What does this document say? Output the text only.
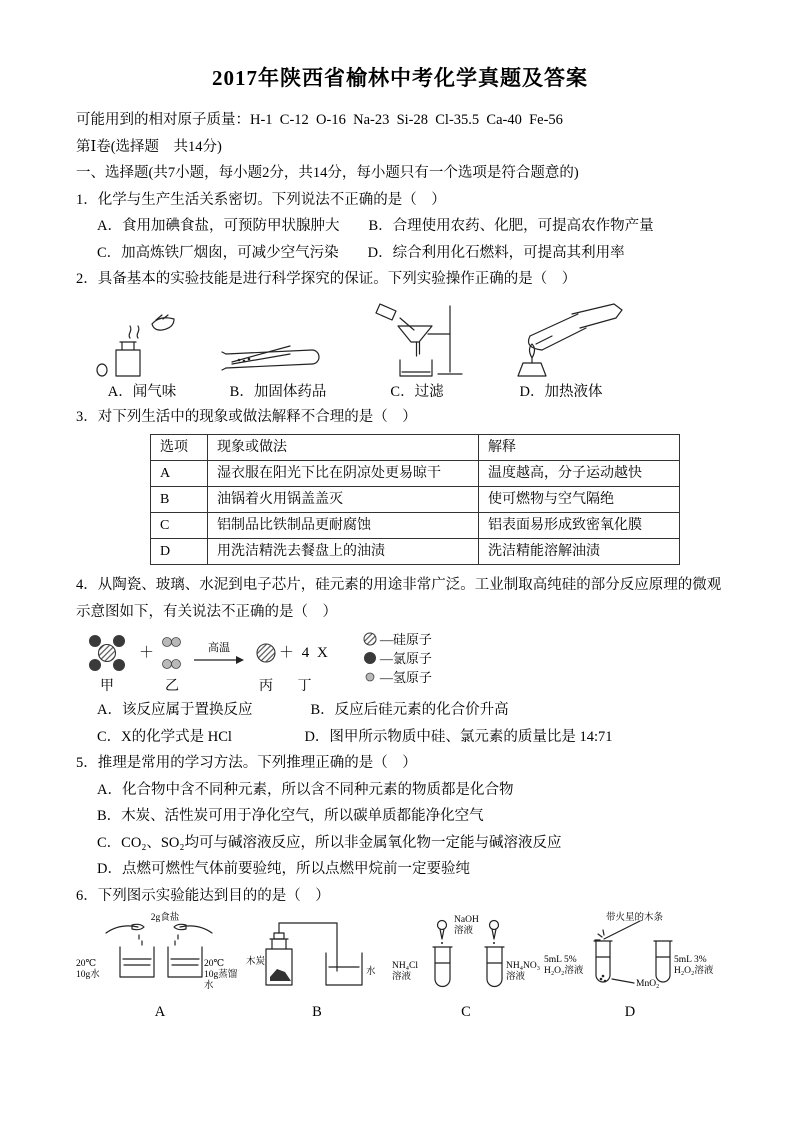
2017年陕西省榆林中考化学真题及答案
可能用到的相对原子质量：H-1  C-12  O-16  Na-23  Si-28  Cl-35.5  Ca-40  Fe-56
第Ⅰ卷(选择题　共14分)
一、选择题(共7小题，每小题2分，共14分，每小题只有一个选项是符合题意的)
1．化学与生产生活关系密切。下列说法不正确的是（　）
A．食用加碘食盐，可预防甲状腺肿大　　B．合理使用农药、化肥，可提高农作物产量
C．加高炼铁厂烟囱，可减少空气污染　　D．综合利用化石燃料，可提高其利用率
2．具备基本的实验技能是进行科学探究的保证。下列实验操作正确的是（　）
A．闻气味	B．加固体药品	C．过滤	D．加热液体
3．对下列生活中的现象或做法解释不合理的是（　）
选项	现象或做法	解释
A	湿衣服在阳光下比在阴凉处更易晾干	温度越高，分子运动越快
B	油锅着火用锅盖盖灭	使可燃物与空气隔绝
C	铝制品比铁制品更耐腐蚀	铝表面易形成致密氧化膜
D	用洗洁精洗去餐盘上的油渍	洗洁精能溶解油渍
4．从陶瓷、玻璃、水泥到电子芯片，硅元素的用途非常广泛。工业制取高纯硅的部分反应原理的微观示意图如下，有关说法不正确的是（　）
甲
＋
乙
高温
丙
＋ 4 X
丁
—硅原子
—氯原子
—氢原子
A．该反应属于置换反应　　　　B．反应后硅元素的化合价升高
C．X的化学式是 HCl　　　　　D．图甲所示物质中硅、氯元素的质量比是 14:71
5．推理是常用的学习方法。下列推理正确的是（　）
A．化合物中含不同种元素，所以含不同种元素的物质都是化合物
B．木炭、活性炭可用于净化空气，所以碳单质都能净化空气
C．CO₂、SO₂均可与碱溶液反应，所以非金属氧化物一定能与碱溶液反应
D．点燃可燃性气体前要验纯，所以点燃甲烷前一定要验纯
6．下列图示实验能达到目的的是（　）
2g食盐
20℃
10g水
20℃
10g蒸馏水
A
木炭
水
B
NaOH
溶液
NH₄Cl
溶液
NH₄NO₃
溶液
C
带火星的木条
5mL 5%
H₂O₂溶液
MnO₂
5mL 3%
H₂O₂溶液
D
